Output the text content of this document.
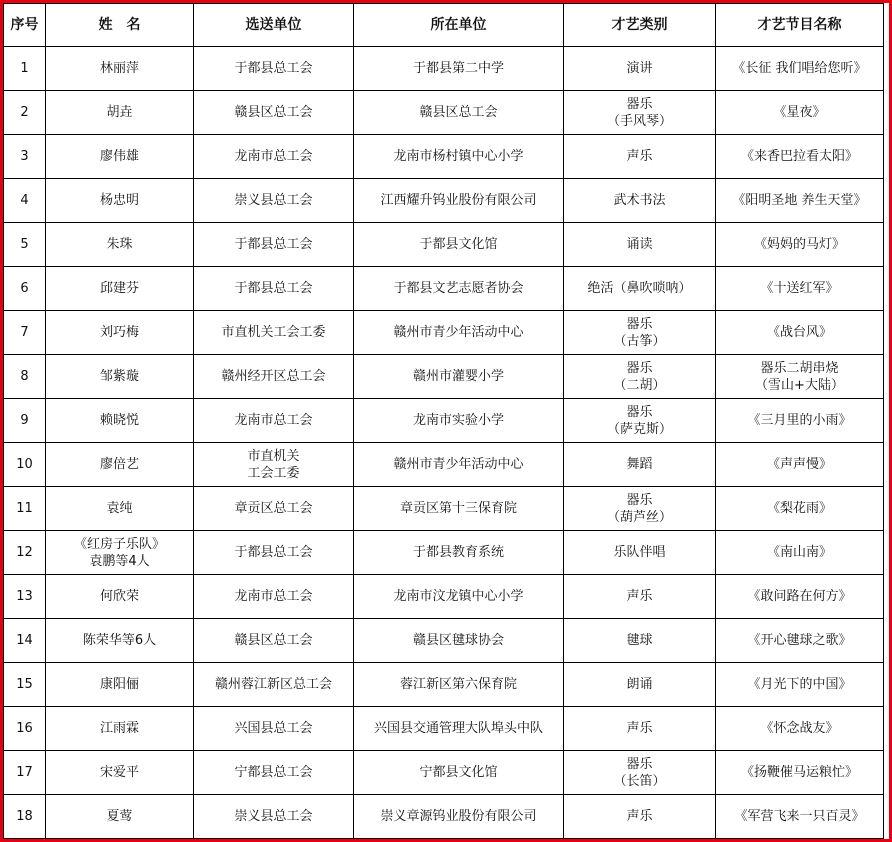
序号	姓　名	选送单位	所在单位	才艺类别	才艺节目名称
1	林丽萍	于都县总工会	于都县第二中学	演讲	《长征 我们唱给您听》
2	胡垚	赣县区总工会	赣县区总工会	器乐
（手风琴）	《星夜》
3	廖伟雄	龙南市总工会	龙南市杨村镇中心小学	声乐	《来香巴拉看太阳》
4	杨忠明	崇义县总工会	江西耀升钨业股份有限公司	武术书法	《阳明圣地 养生天堂》
5	朱珠	于都县总工会	于都县文化馆	诵读	《妈妈的马灯》
6	邱建芬	于都县总工会	于都县文艺志愿者协会	绝活（鼻吹唢呐）	《十送红军》
7	刘巧梅	市直机关工会工委	赣州市青少年活动中心	器乐
（古筝）	《战台风》
8	邹紫璇	赣州经开区总工会	赣州市灌婴小学	器乐
（二胡）	器乐二胡串烧
（雪山+大陆）
9	赖晓悦	龙南市总工会	龙南市实验小学	器乐
（萨克斯）	《三月里的小雨》
10	廖倍艺	市直机关
工会工委	赣州市青少年活动中心	舞蹈	《声声慢》
11	袁纯	章贡区总工会	章贡区第十三保育院	器乐
（葫芦丝）	《梨花雨》
12	《红房子乐队》
袁鹏等4人	于都县总工会	于都县教育系统	乐队伴唱	《南山南》
13	何欣荣	龙南市总工会	龙南市汶龙镇中心小学	声乐	《敢问路在何方》
14	陈荣华等6人	赣县区总工会	赣县区毽球协会	毽球	《开心毽球之歌》
15	康阳俪	赣州蓉江新区总工会	蓉江新区第六保育院	朗诵	《月光下的中国》
16	江雨霖	兴国县总工会	兴国县交通管理大队埠头中队	声乐	《怀念战友》
17	宋爱平	宁都县总工会	宁都县文化馆	器乐
（长笛）	《扬鞭催马运粮忙》
18	夏莺	崇义县总工会	崇义章源钨业股份有限公司	声乐	《军营飞来一只百灵》
